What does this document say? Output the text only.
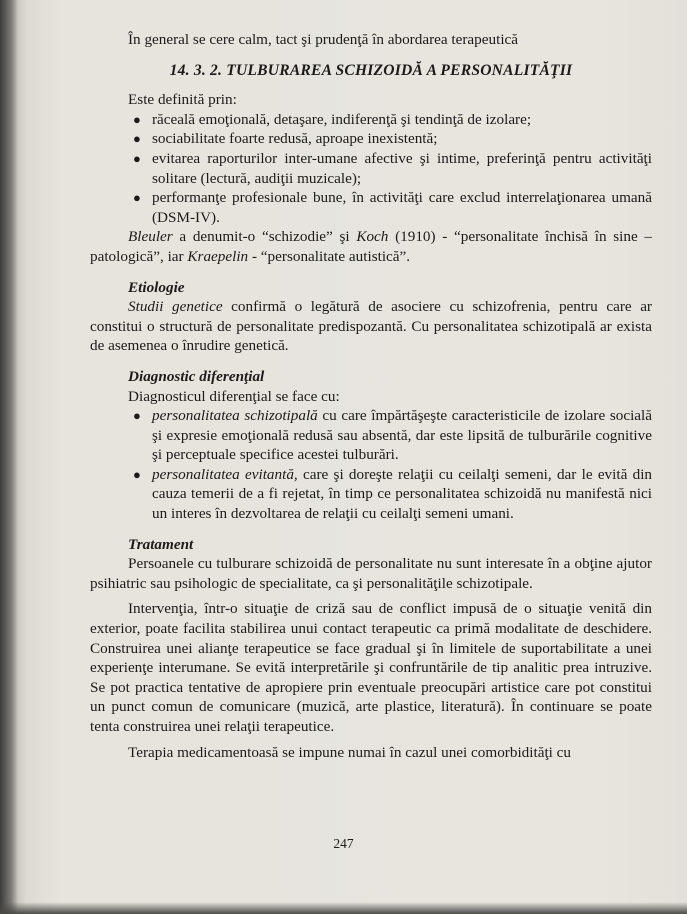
În general se cere calm, tact şi prudenţă în abordarea terapeutică

14. 3. 2. TULBURAREA SCHIZOIDĂ A PERSONALITĂŢII

Este definită prin:

● răceală emoţională, detaşare, indiferenţă şi tendinţă de izolare;
● sociabilitate foarte redusă, aproape inexistentă;
● evitarea raporturilor inter-umane afective şi intime, preferinţă pentru activităţi solitare (lectură, audiţii muzicale);
● performanţe profesionale bune, în activităţi care exclud interrelaţionarea umană (DSM-IV).

Bleuler a denumit-o “schizodie” şi Koch (1910) - “personalitate închisă în sine – patologică”, iar Kraepelin - “personalitate autistică”.

Etiologie

Studii genetice confirmă o legătură de asociere cu schizofrenia, pentru care ar constitui o structură de personalitate predispozantă. Cu personalitatea schizotipală ar exista de asemenea o înrudire genetică.

Diagnostic diferenţial

Diagnosticul diferenţial se face cu:

● personalitatea schizotipală cu care împărtăşeşte caracteristicile de izolare socială şi expresie emoţională redusă sau absentă, dar este lipsită de tulburările cognitive şi perceptuale specifice acestei tulburări.
● personalitatea evitantă, care şi doreşte relaţii cu ceilalţi semeni, dar le evită din cauza temerii de a fi rejetat, în timp ce personalitatea schizoidă nu manifestă nici un interes în dezvoltarea de relaţii cu ceilalţi semeni umani.
Tratament

Persoanele cu tulburare schizoidă de personalitate nu sunt interesate în a obţine ajutor psihiatric sau psihologic de specialitate, ca şi personalităţile schizotipale.

Intervenţia, într-o situaţie de criză sau de conflict impusă de o situaţie venită din exterior, poate facilita stabilirea unui contact terapeutic ca primă modalitate de deschidere. Construirea unei alianţe terapeutice se face gradual şi în limitele de suportabilitate a unei experienţe interumane. Se evită interpretările şi confruntările de tip analitic prea intruzive. Se pot practica tentative de apropiere prin eventuale preocupări artistice care pot constitui un punct comun de comunicare (muzică, arte plastice, literatură). În continuare se poate tenta construirea unei relaţii terapeutice.

Terapia medicamentoasă se impune numai în cazul unei comorbidităţi cu

247
